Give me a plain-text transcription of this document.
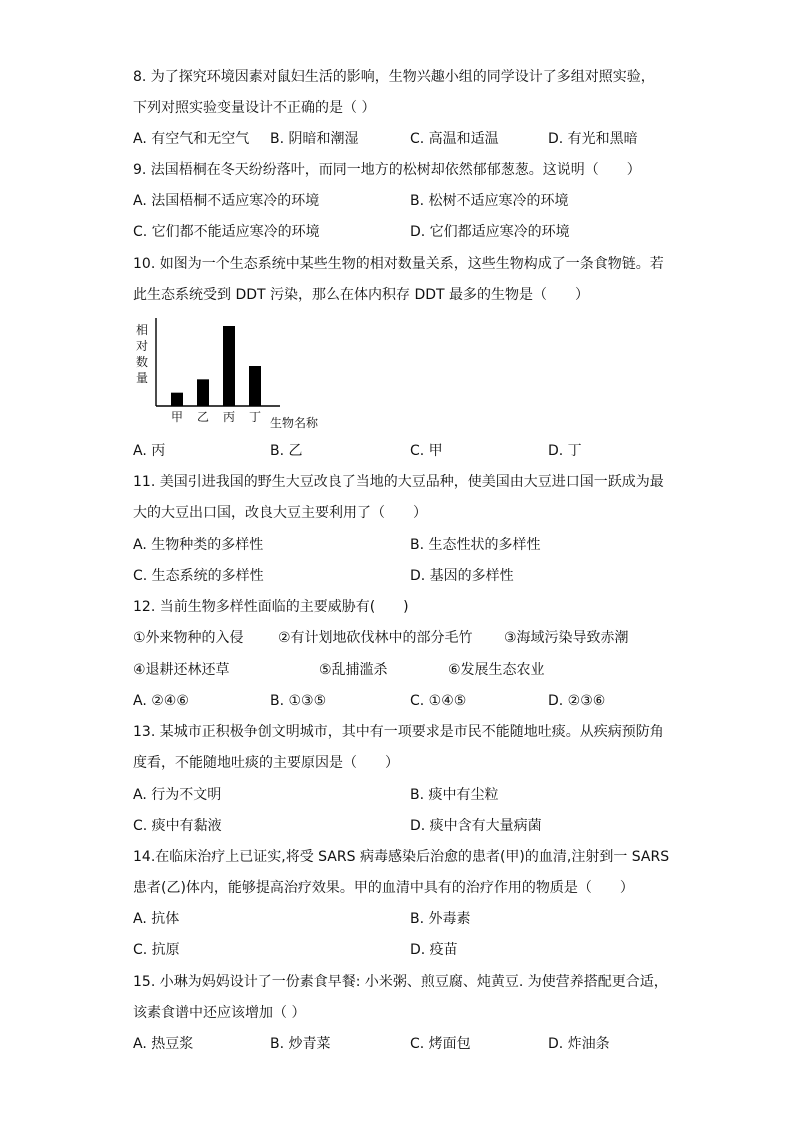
8. 为了探究环境因素对鼠妇生活的影响，生物兴趣小组的同学设计了多组对照实验，
下列对照实验变量设计不正确的是（ ）
A. 有空气和无空气 B. 阴暗和潮湿	C. 高温和适温	D. 有光和黑暗
9. 法国梧桐在冬天纷纷落叶，而同一地方的松树却依然郁郁葱葱。这说明（　　）
A. 法国梧桐不适应寒冷的环境	B. 松树不适应寒冷的环境
C. 它们都不能适应寒冷的环境	D. 它们都适应寒冷的环境
10. 如图为一个生态系统中某些生物的相对数量关系，这些生物构成了一条食物链。若
此生态系统受到 DDT 污染，那么在体内积存 DDT 最多的生物是（　　）
相
对
数
量
甲 乙 丙 丁 生物名称
A. 丙	B. 乙	C. 甲	D. 丁
11. 美国引进我国的野生大豆改良了当地的大豆品种，使美国由大豆进口国一跃成为最
大的大豆出口国，改良大豆主要利用了（　　）
A. 生物种类的多样性	B. 生态性状的多样性
C. 生态系统的多样性	D. 基因的多样性
12. 当前生物多样性面临的主要威胁有(　　)
①外来物种的入侵 ②有计划地砍伐林中的部分毛竹 ③海域污染导致赤潮
④退耕还林还草	⑤乱捕滥杀	⑥发展生态农业
A. ②④⑥	B. ①③⑤	C. ①④⑤	D. ②③⑥
13. 某城市正积极争创文明城市，其中有一项要求是市民不能随地吐痰。从疾病预防角
度看，不能随地吐痰的主要原因是（　　）
A. 行为不文明	B. 痰中有尘粒
C. 痰中有黏液	D. 痰中含有大量病菌
14.在临床治疗上已证实,将受 SARS 病毒感染后治愈的患者(甲)的血清,注射到一 SARS
患者(乙)体内，能够提高治疗效果。甲的血清中具有的治疗作用的物质是（　　）
A. 抗体	B. 外毒素
C. 抗原	D. 疫苗
15. 小琳为妈妈设计了一份素食早餐: 小米粥、煎豆腐、炖黄豆. 为使营养搭配更合适，
该素食谱中还应该增加（ ）
A. 热豆浆	B. 炒青菜	C. 烤面包	D. 炸油条
